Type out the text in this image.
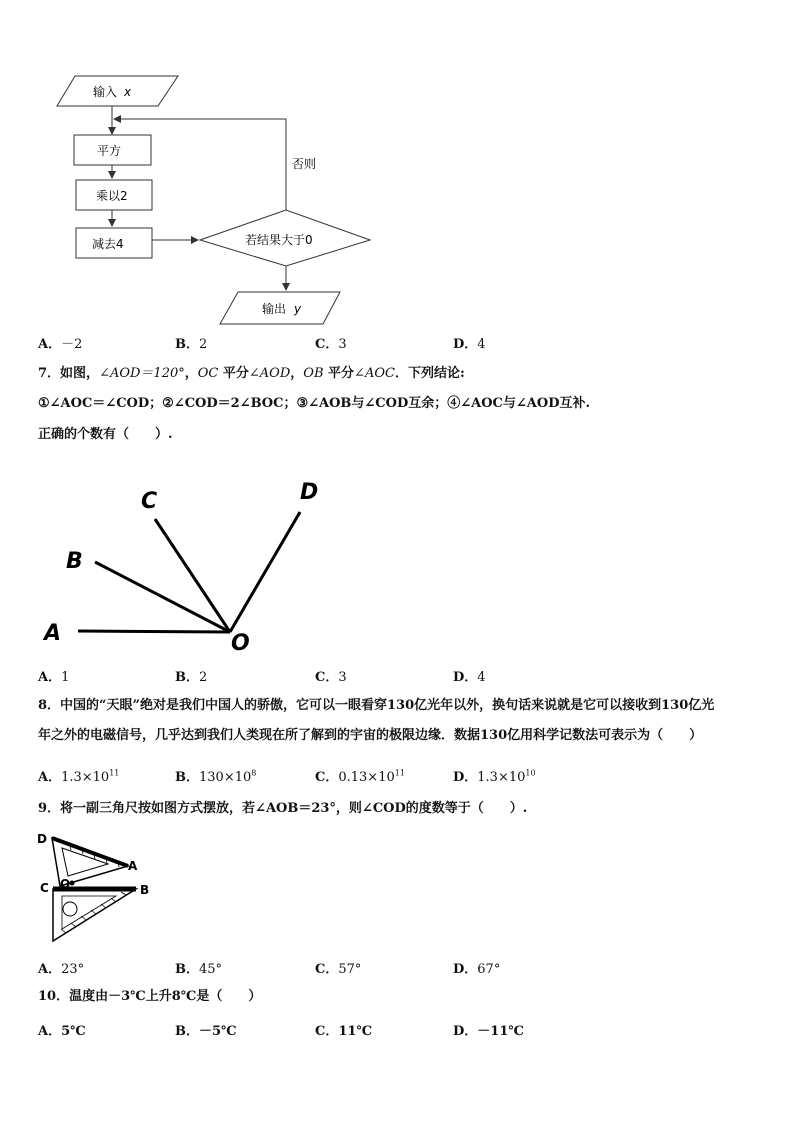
输入 x
平方
乘以2
减去4	若结果大于0
否则
输出 y
A．－2	B．2	C．3	D．4
7．如图，∠AOD＝120°，OC 平分∠AOD，OB 平分∠AOC．下列结论:
①∠AOC＝∠COD；②∠COD＝2∠BOC；③∠AOB与∠COD互余；④∠AOC与∠AOD互补.
正确的个数有（　　）.
A
B
C	D
O
A．1	B．2	C．3	D．4
8．中国的“天眼”绝对是我们中国人的骄傲，它可以一眼看穿130亿光年以外，换句话来说就是它可以接收到130亿光
年之外的电磁信号，几乎达到我们人类现在所了解到的宇宙的极限边缘．数据130亿用科学记数法可表示为（　　）
A．$1.3\times 10^{11}$	B．$130\times 10^8$	C．$0.13\times 10^{11}$	D．$1.3\times 10^{10}$
9．将一副三角尺按如图方式摆放，若∠AOB＝23°，则∠COD的度数等于（　　）.
D
A
C O	B
A．23°	B．45°	C．57°	D．67°
10．温度由－3℃上升8℃是（　　）
A．5℃	B．－5℃	C．11℃	D．－11℃
